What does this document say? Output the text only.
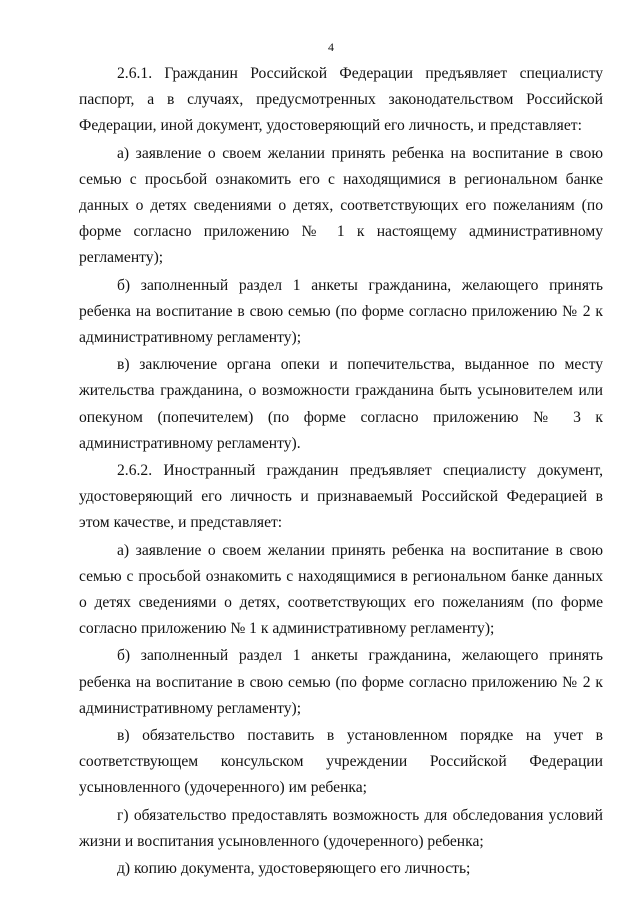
4

2.6.1. Гражданин Российской Федерации предъявляет специалисту паспорт, а в случаях, предусмотренных законодательством Российской Федерации, иной документ, удостоверяющий его личность, и представляет:

а) заявление о своем желании принять ребенка на воспитание в свою семью с просьбой ознакомить его с находящимися в региональном банке данных о детях сведениями о детях, соответствующих его пожеланиям (по форме согласно приложению № 1 к настоящему административному регламенту);

б) заполненный раздел 1 анкеты гражданина, желающего принять ребенка на воспитание в свою семью (по форме согласно приложению № 2 к административному регламенту);

в) заключение органа опеки и попечительства, выданное по месту жительства гражданина, о возможности гражданина быть усыновителем или опекуном (попечителем) (по форме согласно приложению № 3 к административному регламенту).

2.6.2. Иностранный гражданин предъявляет специалисту документ, удостоверяющий его личность и признаваемый Российской Федерацией в этом качестве, и представляет:

а) заявление о своем желании принять ребенка на воспитание в свою семью с просьбой ознакомить с находящимися в региональном банке данных о детях сведениями о детях, соответствующих его пожеланиям (по форме согласно приложению № 1 к административному регламенту);

б) заполненный раздел 1 анкеты гражданина, желающего принять ребенка на воспитание в свою семью (по форме согласно приложению № 2 к административному регламенту);

в) обязательство поставить в установленном порядке на учет в соответствующем консульском учреждении Российской Федерации усыновленного (удочеренного) им ребенка;

г) обязательство предоставлять возможность для обследования условий жизни и воспитания усыновленного (удочеренного) ребенка;

д) копию документа, удостоверяющего его личность;
